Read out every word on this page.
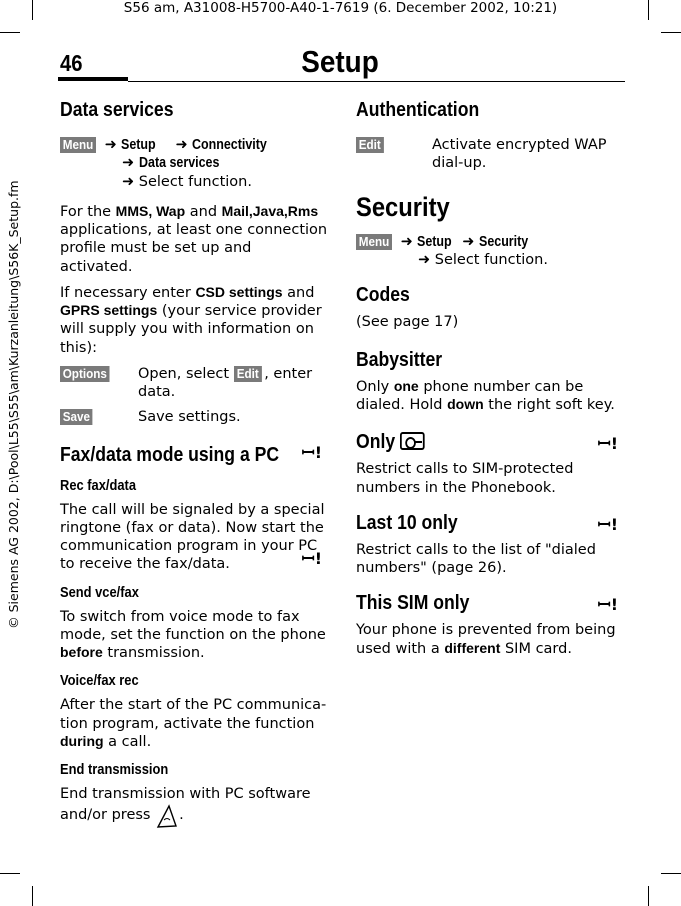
S56 am, A31008-H5700-A40-1-7619 (6. December 2002, 10:21)
© Siemens AG 2002, D:\Pool\L55\S55\am\Kurzanleitung\S56K_Setup.fm
46	Setup
Data services
Menu ➜ Setup ➜ Connectivity
➜ Data services
➜ Select function.

For the MMS, Wap and Mail,Java,Rms applications, at least one connection profile must be set up and activated.

If necessary enter CSD settings and GPRS settings (your service provider will supply you with information on this):

Options	Open, select Edit , enter data.
Save	Save settings.
Fax/data mode using a PC
Rec fax/data
ꟷ!

The call will be signaled by a special ringtone (fax or data). Now start the communication program in your PC to receive the fax/data.

Send vce/fax
ꟷ!

To switch from voice mode to fax mode, set the function on the phone before transmission.

Voice/fax rec

After the start of the PC communica-tion program, activate the function during a call.

End transmission

End transmission with PC software and/or press .

Authentication
Edit	Activate encrypted WAP dial-up.
Security
Menu ➜ Setup ➜ Security
➜ Select function.
Codes

(See page 17)

Babysitter

Only one phone number can be dialed. Hold down the right soft key.

Only	ꟷ!

Restrict calls to SIM-protected numbers in the Phonebook.

Last 10 only	ꟷ!

Restrict calls to the list of "dialed numbers" (page 26).

This SIM only	ꟷ!

Your phone is prevented from being used with a different SIM card.
